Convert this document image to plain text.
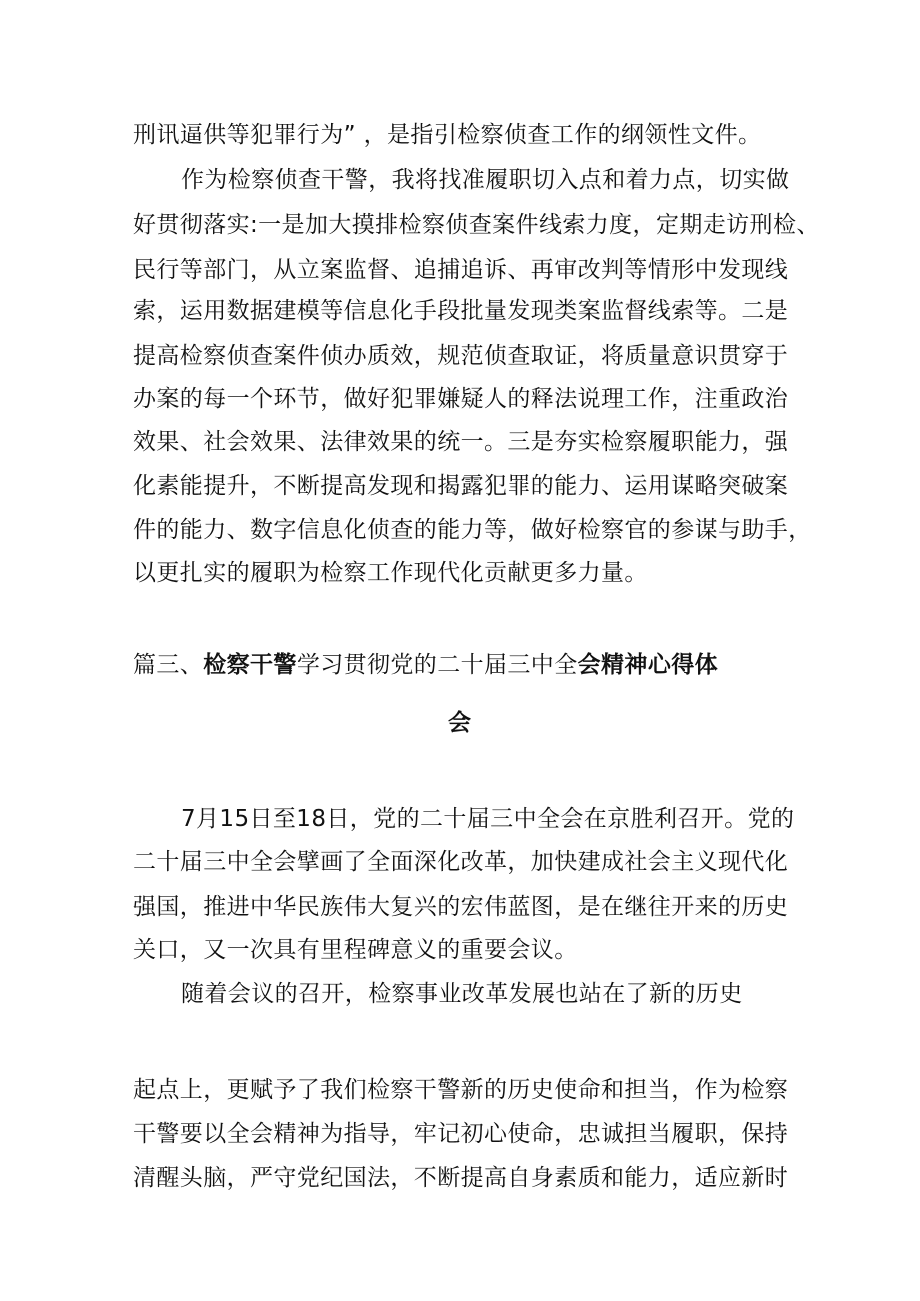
刑讯逼供等犯罪行为” ，是指引检察侦查工作的纲领性文件。

作为检察侦查干警，我将找准履职切入点和着力点，切实做

好贯彻落实:一是加大摸排检察侦查案件线索力度，定期走访刑检、

民行等部门，从立案监督、追捕追诉、再审改判等情形中发现线

索，运用数据建模等信息化手段批量发现类案监督线索等。二是

提高检察侦查案件侦办质效，规范侦查取证，将质量意识贯穿于

办案的每一个环节，做好犯罪嫌疑人的释法说理工作，注重政治

效果、社会效果、法律效果的统一。三是夯实检察履职能力，强

化素能提升，不断提高发现和揭露犯罪的能力、运用谋略突破案

件的能力、数字信息化侦查的能力等，做好检察官的参谋与助手，

以更扎实的履职为检察工作现代化贡献更多力量。

篇三、检察干警学习贯彻党的二十届三中全会精神心得体

会

7月15日至18日，党的二十届三中全会在京胜利召开。党的

二十届三中全会擘画了全面深化改革，加快建成社会主义现代化

强国，推进中华民族伟大复兴的宏伟蓝图，是在继往开来的历史

关口，又一次具有里程碑意义的重要会议。

随着会议的召开，检察事业改革发展也站在了新的历史

起点上，更赋予了我们检察干警新的历史使命和担当，作为检察

干警要以全会精神为指导，牢记初心使命，忠诚担当履职，保持

清醒头脑，严守党纪国法，不断提高自身素质和能力，适应新时
